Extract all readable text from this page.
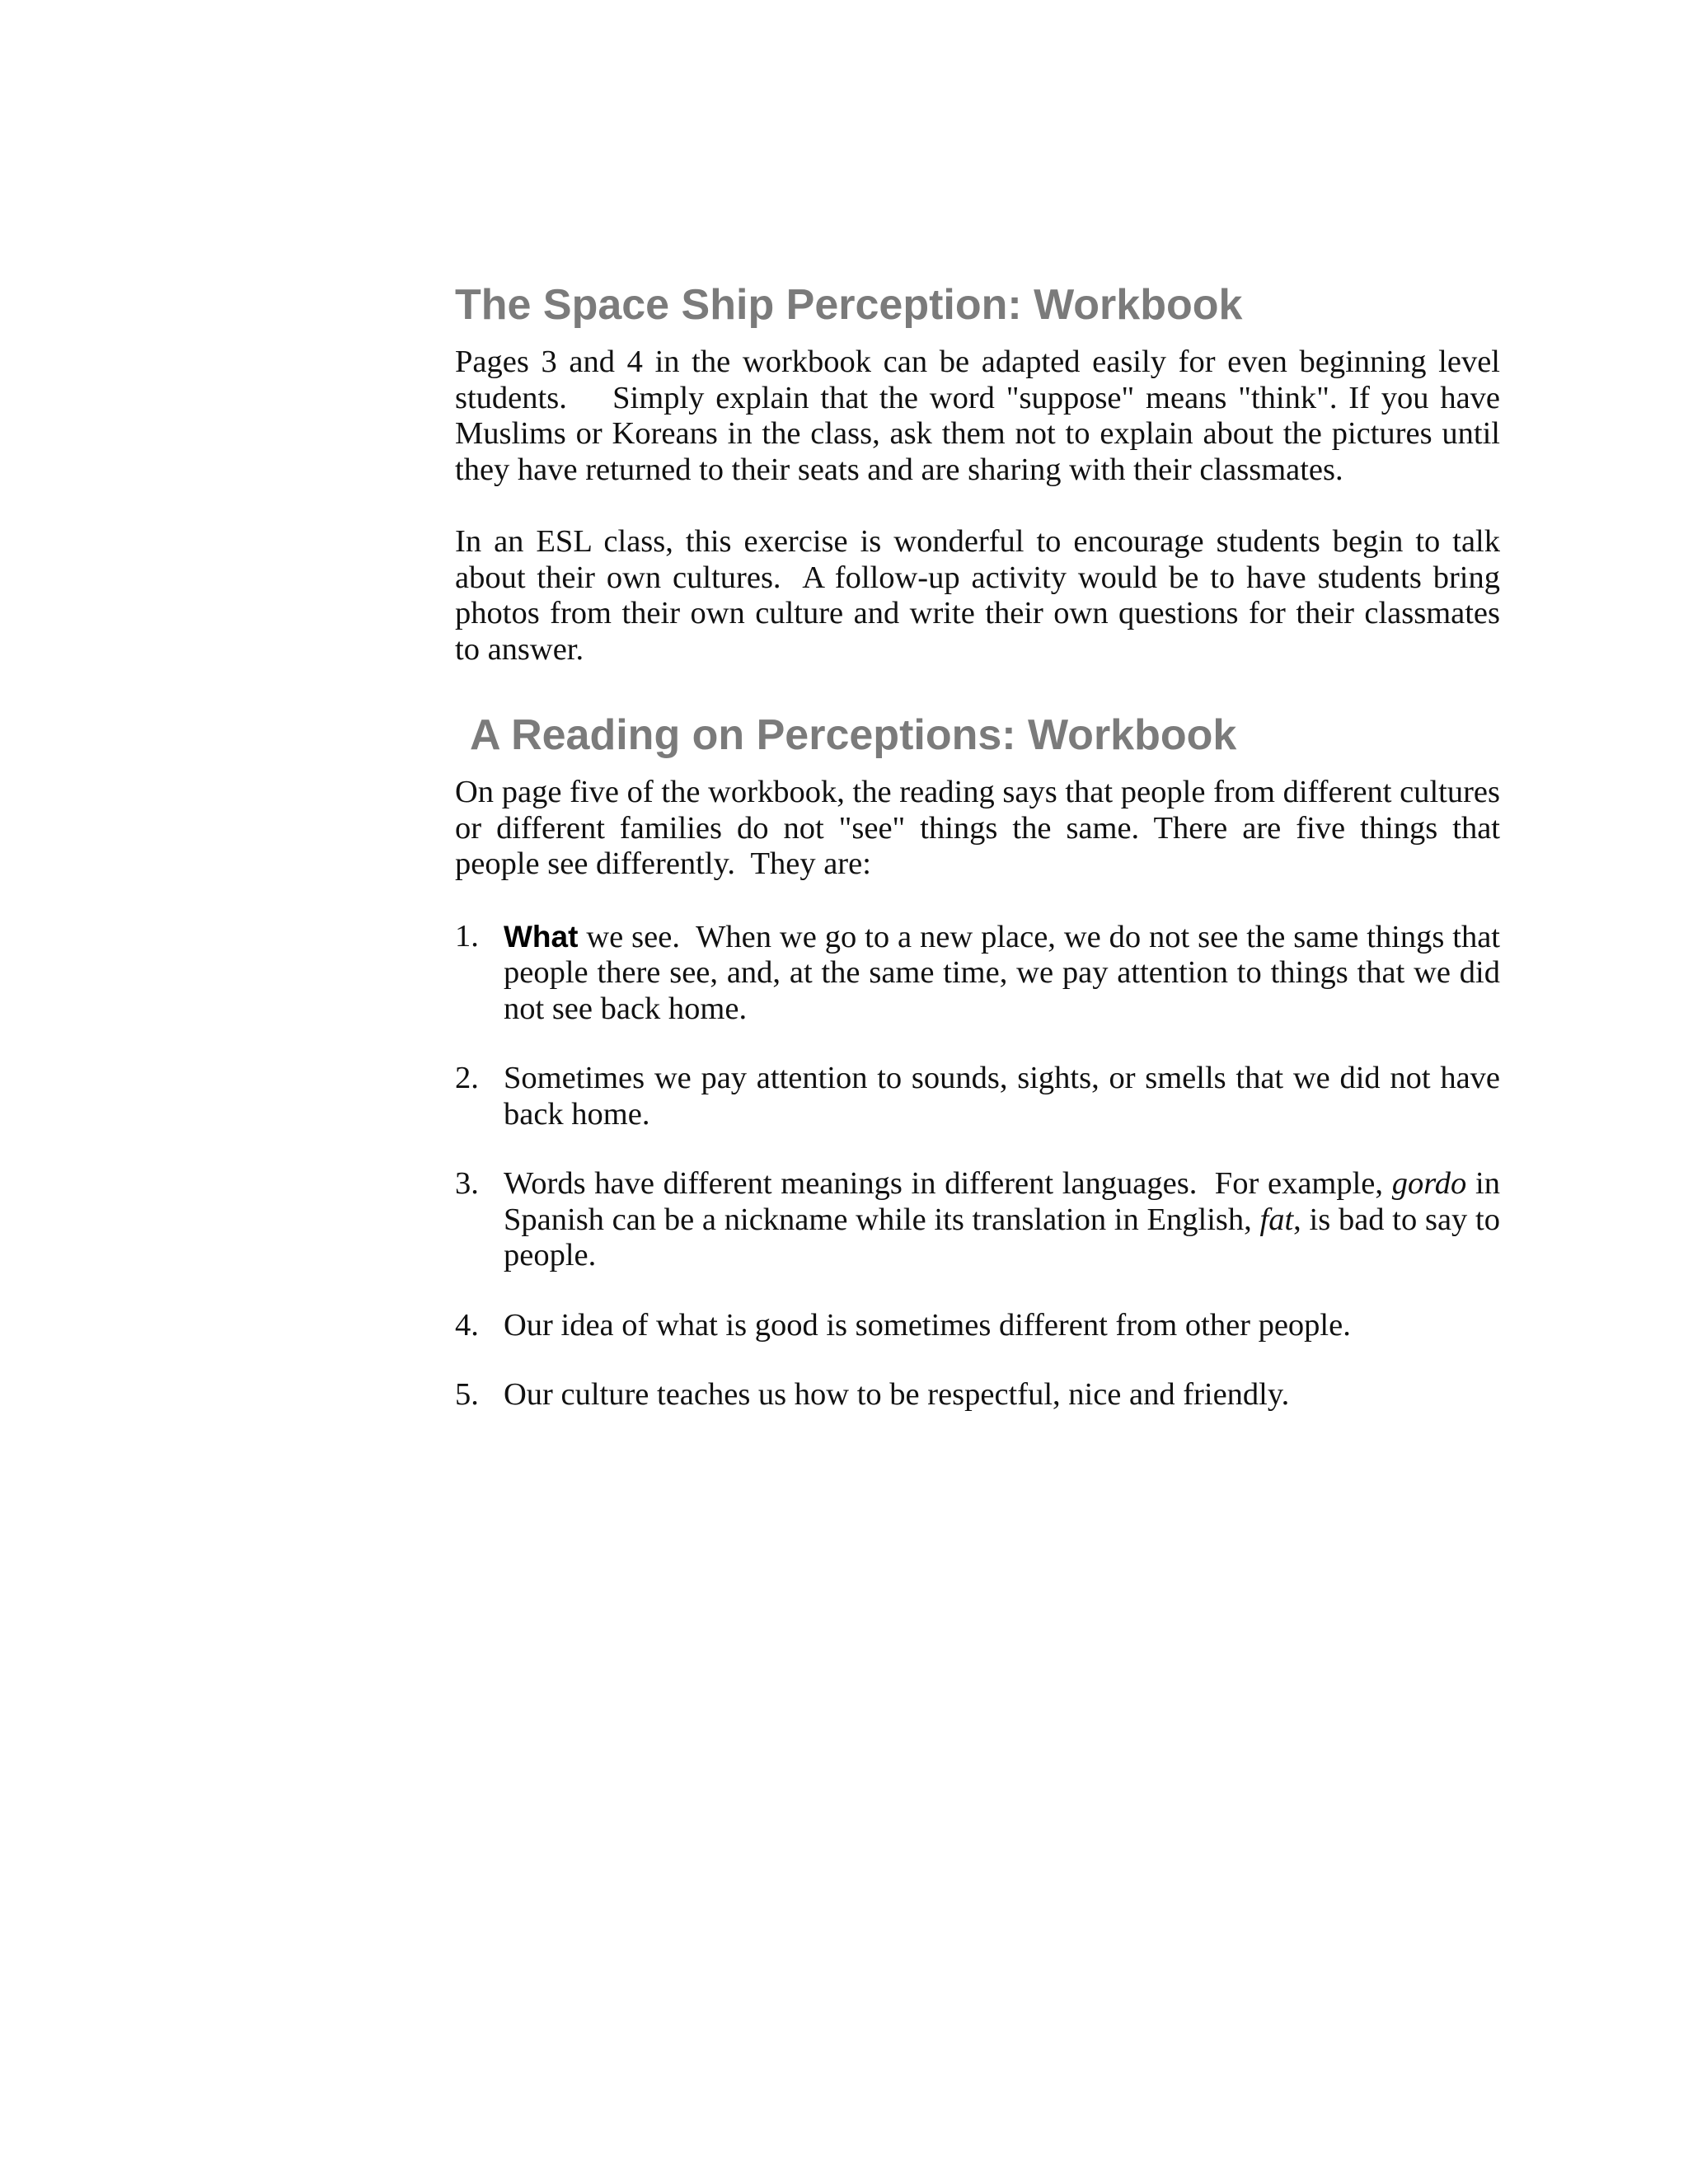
The Space Ship Perception: Workbook

Pages 3 and 4 in the workbook can be adapted easily for even beginning level students.    Simply explain that the word "suppose" means "think". If you have Muslims or Koreans in the class, ask them not to explain about the pictures until they have returned to their seats and are sharing with their classmates.

In an ESL class, this exercise is wonderful to encourage students begin to talk about their own cultures.  A follow-up activity would be to have students bring photos from their own culture and write their own questions for their classmates to answer.

A Reading on Perceptions: Workbook

On page five of the workbook, the reading says that people from different cultures or different families do not "see" things the same. There are five things that people see differently.  They are:

1. What we see.  When we go to a new place, we do not see the same things that people there see, and, at the same time, we pay attention to things that we did not see back home.
2. Sometimes we pay attention to sounds, sights, or smells that we did not have back home.
3. Words have different meanings in different languages.  For example, gordo in Spanish can be a nickname while its translation in English, fat, is bad to say to people.
4. Our idea of what is good is sometimes different from other people.
5. Our culture teaches us how to be respectful, nice and friendly.
